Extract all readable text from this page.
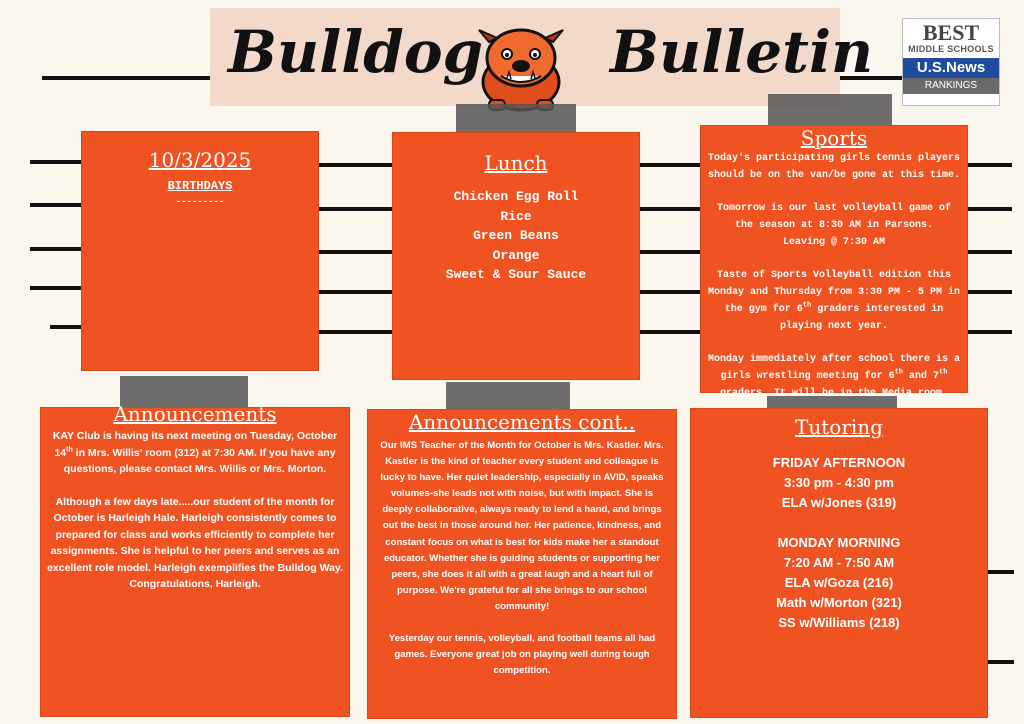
Bulldog Bulletin	BEST
MIDDLE SCHOOLS
U.S.News
RANKINGS
10/3/2025
BIRTHDAYS
---------
Lunch
Chicken Egg Roll
Rice
Green Beans
Orange
Sweet & Sour Sauce
Sports

Today's participating girls tennis players should be on the van/be gone at this time.

Tomorrow is our last volleyball game of the season at 8:30 AM in Parsons.
Leaving @ 7:30 AM

Taste of Sports Volleyball edition this Monday and Thursday from 3:30 PM - 5 PM in the gym for 6th graders interested in playing next year.

Monday immediately after school there is a girls wrestling meeting for 6th and 7th graders. It will be in the Media room.

Announcements

KAY Club is having its next meeting on Tuesday, October 14th in Mrs. Willis' room (312) at 7:30 AM. If you have any questions, please contact Mrs. Willis or Mrs. Morton.

Although a few days late.....our student of the month for October is Harleigh Hale. Harleigh consistently comes to prepared for class and works efficiently to complete her assignments. She is helpful to her peers and serves as an excellent role model. Harleigh exemplifies the Bulldog Way. Congratulations, Harleigh.

Announcements cont..

Our IMS Teacher of the Month for October is Mrs. Kastler. Mrs. Kastler is the kind of teacher every student and colleague is lucky to have. Her quiet leadership, especially in AVID, speaks volumes-she leads not with noise, but with impact. She is deeply collaborative, always ready to lend a hand, and brings out the best in those around her. Her patience, kindness, and constant focus on what is best for kids make her a standout educator. Whether she is guiding students or supporting her peers, she does it all with a great laugh and a heart full of purpose. We're grateful for all she brings to our school community!

Yesterday our tennis, volleyball, and football teams all had games. Everyone great job on playing well during tough competition.

Tutoring
FRIDAY AFTERNOON
3:30 pm - 4:30 pm
ELA w/Jones (319)
MONDAY MORNING
7:20 AM - 7:50 AM
ELA w/Goza (216)
Math w/Morton (321)
SS w/Williams (218)
